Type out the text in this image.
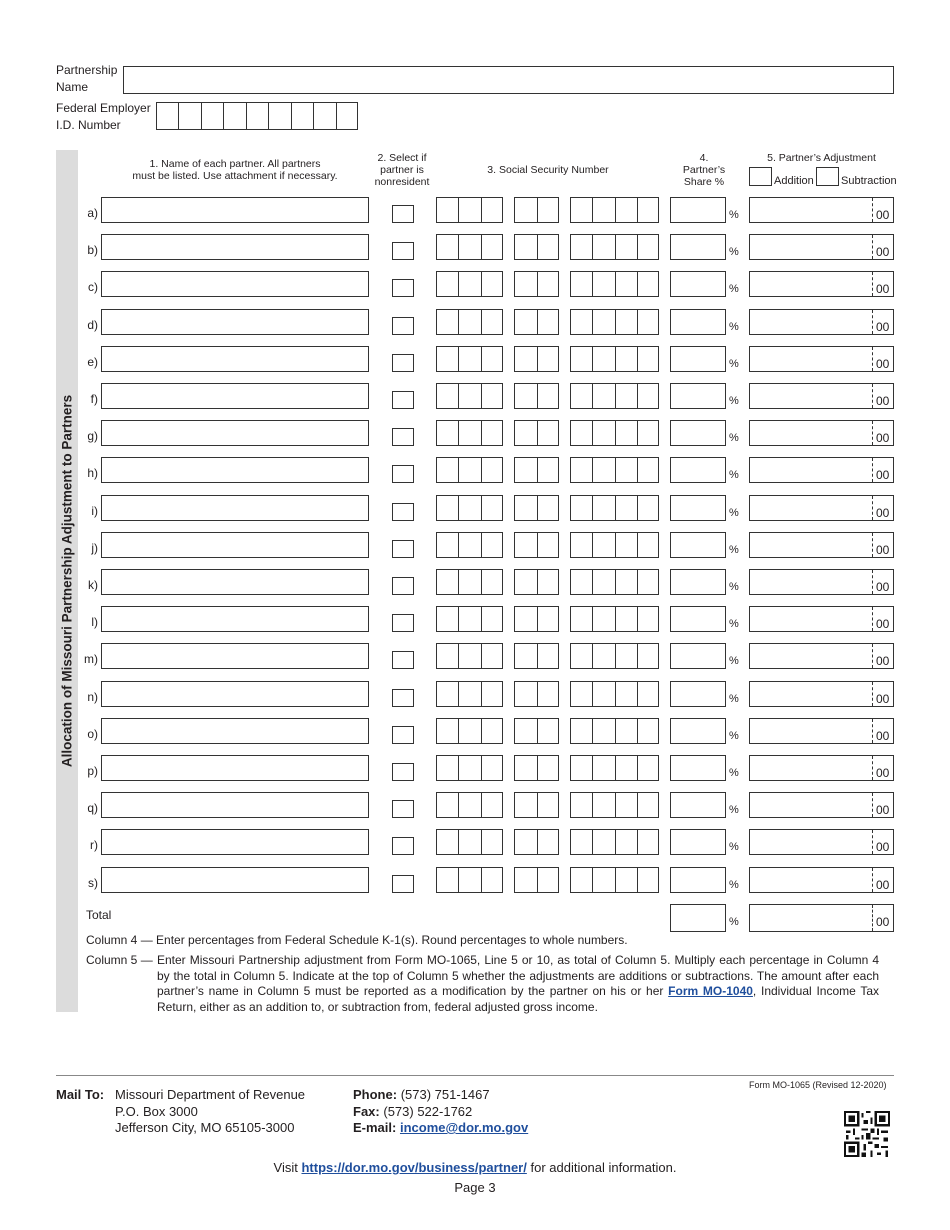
Partnership
Name
Federal Employer
I.D. Number
Allocation of Missouri Partnership Adjustment to Partners
1. Name of each partner. All partners
must be listed. Use attachment if necessary.
2. Select if
partner is
nonresident
3. Social Security Number
4.
Partner’s
Share %
5. Partner’s Adjustment
Addition Subtraction
a)	%	00
b)	%	00
c)	%	00
d)	%	00
e)	%	00
f)	%	00
g)	%	00
h)	%	00
i)	%	00
j)	%	00
k)	%	00
l)	%	00
m)	%	00
n)	%	00
o)	%	00
p)	%	00
q)	%	00
r)	%	00
s)	%	00
Total	%	00
Column 4 — Enter percentages from Federal Schedule K-1(s). Round percentages to whole numbers.
Column 5 — Enter Missouri Partnership adjustment from Form MO-1065, Line 5 or 10, as total of Column 5. Multiply each percentage in Column 4 by the total in Column 5. Indicate at the top of Column 5 whether the adjustments are additions or subtractions. The amount after each partner’s name in Column 5 must be reported as a modification by the partner on his or her Form MO-1040, Individual Income Tax Return, either as an addition to, or subtraction from, federal adjusted gross income.
Form MO-1065 (Revised 12-2020)
Mail To: Missouri Department of Revenue
P.O. Box 3000
Jefferson City, MO 65105-3000
Phone: (573) 751-1467
Fax: (573) 522-1762
E-mail: income@dor.mo.gov
Visit https://dor.mo.gov/business/partner/ for additional information.
Page 3
